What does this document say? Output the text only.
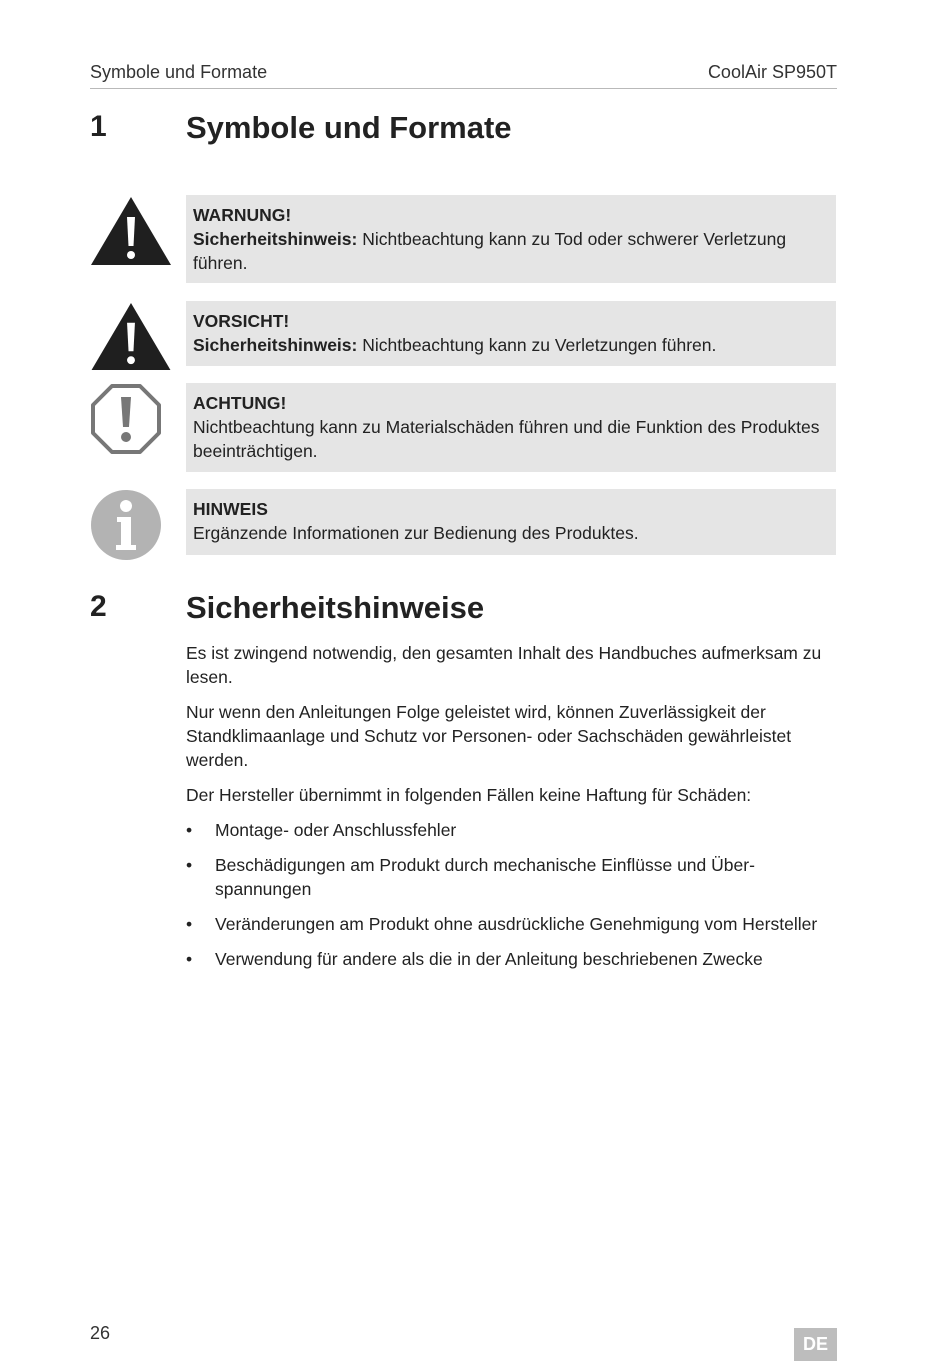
Symbole und Formate	CoolAir SP950T
1	Symbole und Formate
WARNUNG!
Sicherheitshinweis: Nichtbeachtung kann zu Tod oder schwerer Verletzung führen.
VORSICHT!
Sicherheitshinweis: Nichtbeachtung kann zu Verletzungen führen.
ACHTUNG!
Nichtbeachtung kann zu Materialschäden führen und die Funktion des Produktes beeinträchtigen.
HINWEIS
Ergänzende Informationen zur Bedienung des Produktes.
2	Sicherheitshinweise

Es ist zwingend notwendig, den gesamten Inhalt des Handbuches aufmerksam zu lesen.

Nur wenn den Anleitungen Folge geleistet wird, können Zuverlässigkeit der Standklimaanlage und Schutz vor Personen- oder Sachschäden gewährleistet werden.

Der Hersteller übernimmt in folgenden Fällen keine Haftung für Schäden:

• Montage- oder Anschlussfehler
• Beschädigungen am Produkt durch mechanische Einflüsse und Über- spannungen
• Veränderungen am Produkt ohne ausdrückliche Genehmigung vom Hersteller
• Verwendung für andere als die in der Anleitung beschriebenen Zwecke
26
DE
